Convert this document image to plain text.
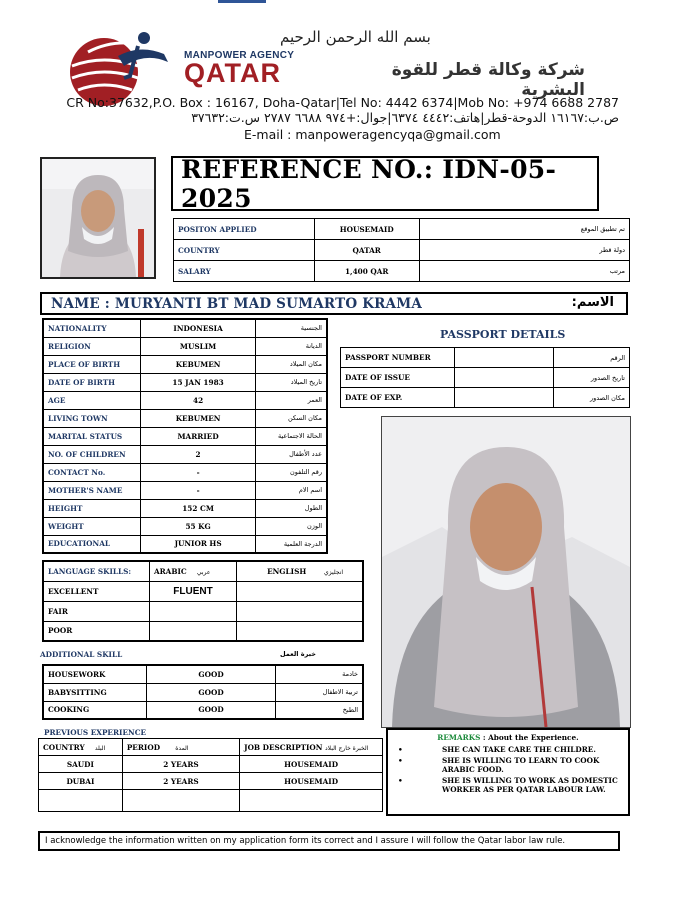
بسم الله الرحمن الرحيم
MANPOWER AGENCY
QATAR	شركة وكالة قطر للقوة البشرية
CR No:37632,P.O. Box : 16167, Doha-Qatar|Tel No: 4442 6374|Mob No: +974 6688 2787
ص.ب:١٦١٦٧ الدوحة-قطر|هاتف:٤٤٤٢ ٦٣٧٤|جوال:+٩٧٤ ٦٦٨٨ ٢٧٨٧ س.ت:٣٧٦٣٢
E-mail : manpoweragencyqa@gmail.com
REFERENCE NO.: IDN-05-2025
POSITON APPLIED	HOUSEMAID	تم تطبيق الموقع
COUNTRY	QATAR	دولة قطر
SALARY	1,400 QAR	مرتب
NAME : MURYANTI BT MAD SUMARTO KRAMA	الاسم:
NATIONALITY	INDONESIA	الجنسية
RELIGION	MUSLIM	الديانة
PLACE OF BIRTH	KEBUMEN	مكان الميلاد
DATE OF BIRTH	15 JAN 1983	تاريخ الميلاد
AGE	42	العمر
LIVING TOWN	KEBUMEN	مكان السكن
MARITAL STATUS	MARRIED	الحالة الاجتماعية
NO. OF CHILDREN	2	عدد الأطفال
CONTACT No.	-	رقم التلفون
MOTHER'S NAME	-	اسم الام
HEIGHT	152 CM	الطول
WEIGHT	55 KG	الوزن
EDUCATIONAL	JUNIOR HS	الدرجة العلمية
PASSPORT DETAILS
PASSPORT NUMBER		الرقم
DATE OF ISSUE		تاريخ الصدور
DATE OF EXP.		مكان الصدور
LANGUAGE SKILLS:	ARABIC عربي	ENGLISH انجليزي
EXCELLENT	FLUENT	
FAIR		
POOR		
ADDITIONAL SKILL	خبرة العمل
HOUSEWORK	GOOD	خادمة
BABYSITTING	GOOD	تربية الاطفال
COOKING	GOOD	الطبخ
PREVIOUS EXPERIENCE
COUNTRY البلد	PERIOD المدة	JOB DESCRIPTION الخبرة خارج البلاد
SAUDI	2 YEARS	HOUSEMAID
DUBAI	2 YEARS	HOUSEMAID

REMARKS : About the Experience.
• SHE CAN TAKE CARE THE CHILDRE.
• SHE IS WILLING TO LEARN TO COOK ARABIC FOOD.
• SHE IS WILLING TO WORK AS DOMESTIC WORKER AS PER QATAR LABOUR LAW.
I acknowledge the information written on my application form its correct and I assure I will follow the Qatar labor law rule.
